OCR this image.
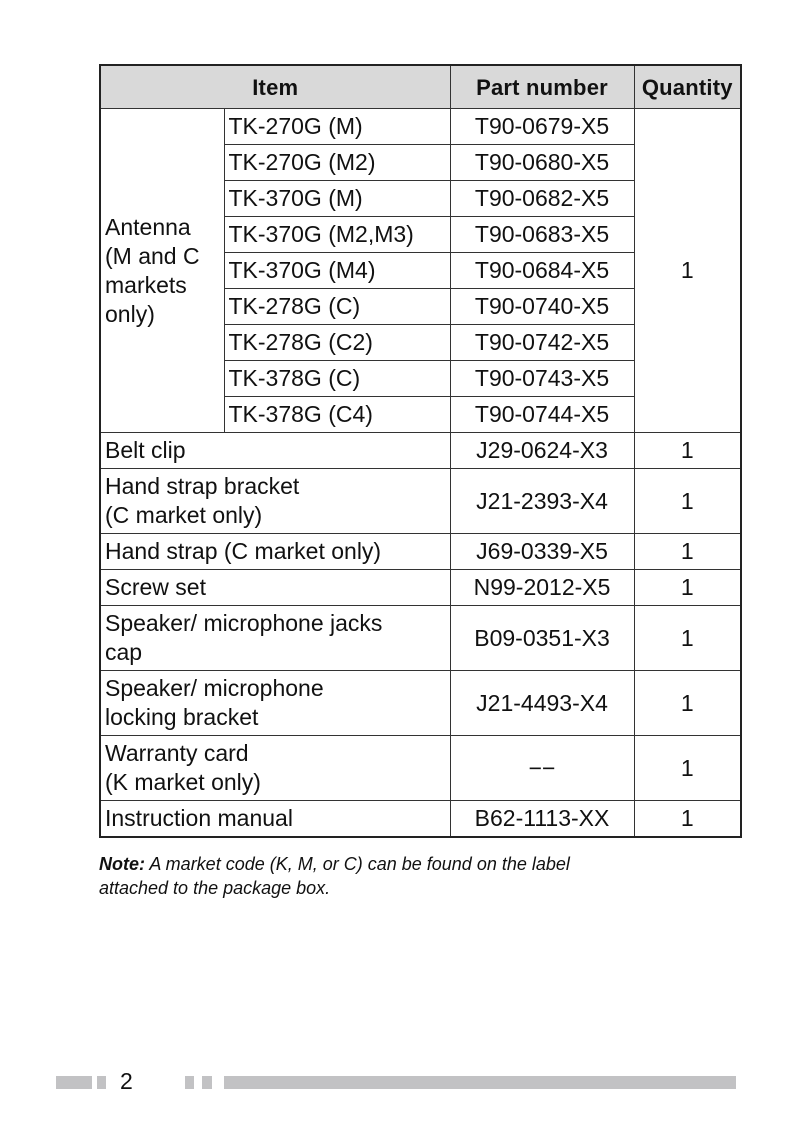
Item		Part number	Quantity
Antenna
(M and C
markets
only)	TK-270G (M)	T90-0679-X5	1
	TK-270G (M2)	T90-0680-X5	
	TK-370G (M)	T90-0682-X5	
	TK-370G (M2,M3)	T90-0683-X5	
	TK-370G (M4)	T90-0684-X5	
	TK-278G (C)	T90-0740-X5	
	TK-278G (C2)	T90-0742-X5	
	TK-378G (C)	T90-0743-X5	
	TK-378G (C4)	T90-0744-X5	
Belt clip		J29-0624-X3	1
Hand strap bracket
(C market only)		J21-2393-X4	1
Hand strap (C market only)		J69-0339-X5	1
Screw set		N99-2012-X5	1
Speaker/ microphone jacks
cap		B09-0351-X3	1
Speaker/ microphone
locking bracket		J21-4493-X4	1
Warranty card
(K market only)		−−	1
Instruction manual		B62-1113-XX	1
Note: A market code (K, M, or C) can be found on the label
attached to the package box.
2
